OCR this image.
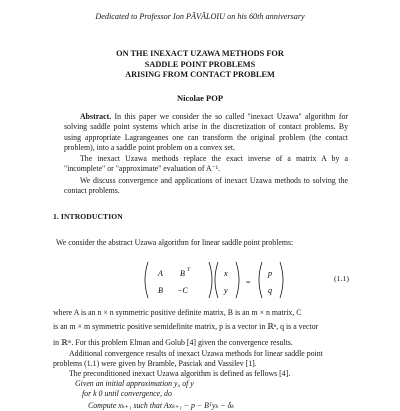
Dedicated to Professor Ion PĂVĂLOIU on his 60th anniversary
ON THE INEXACT UZAWA METHODS FOR
SADDLE POINT PROBLEMS
ARISING FROM CONTACT PROBLEM
Nicolae POP
Abstract. In this paper we consider the so called "inexact Uzawa" algorithm for solving saddle point systems which arise in the discretization of contact problems. By using appropriate Lagrangeanes one can transform the original problem (the contact problem), into a saddle point problem on a convex set.
The inexact Uzawa methods replace the exact inverse of a matrix A by a "incomplete" or "approximate" evaluation of A⁻¹.
We discuss convergence and applications of inexact Uzawa methods to solving the contact problems.
1. INTRODUCTION
We consider the abstract Uzawa algorithm for linear saddle point problems:
A B T
B −C
x
y
=
p
q
(1.1)
where A is an n × n symmetric positive definite matrix, B is an m × n matrix, C
is an m × m symmetric positive semidefinite matrix, p is a vector in ℝⁿ, q is a vector
in ℝᵐ. For this problem Elman and Golub [4] given the convergence results.
Additional convergence results of inexact Uzawa methods for linear saddle point
problems (1.1) were given by Bramble, Pasciak and Vassilev [1].
The preconditioned inexact Uzawa algorithm is defined as fellows [4].
Given an initial approximation y₀ of y
for k 0 until convergence, do
Compute xₖ₊₁ such that Axₖ₊₁ − p − Bᵀyₖ − δₖ
